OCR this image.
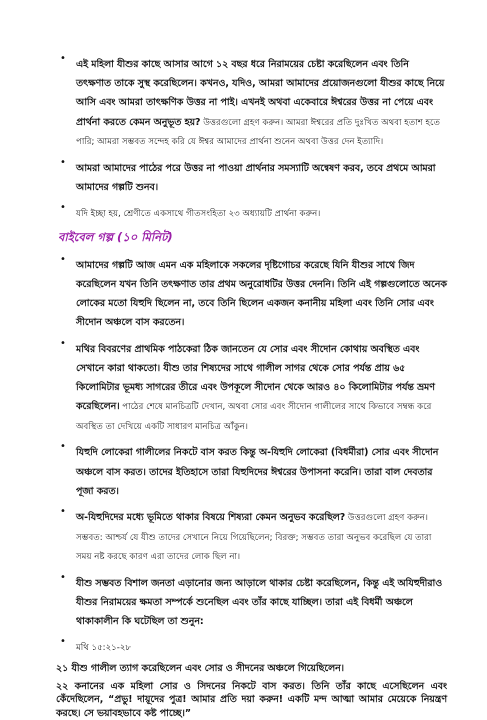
•
এই মহিলা যীশুর কাছে আসার আগে ১২ বছর ধরে নিরাময়ের চেষ্টা করেছিলেন এবং তিনি তৎক্ষণাত তাকে সুস্থ করেছিলেন। কখনও, যদিও, আমরা আমাদের প্রয়োজনগুলো যীশুর কাছে নিয়ে আসি এবং আমরা তাৎক্ষণিক উত্তর না পাই। এখনই অথবা একেবারে ঈশ্বরের উত্তর না পেয়ে এবং প্রার্থনা করতে কেমন অনুভূত হয়? উত্তরগুলো গ্রহণ করুন। আমরা ঈশ্বরের প্রতি দুঃখিত অথবা হতাশ হতে পারি; আমরা সম্ভবত সন্দেহ করি যে ঈশ্বর আমাদের প্রার্থনা শুনেন অথবা উত্তর দেন ইত্যাদি।
•
আমরা আমাদের পাঠের পরে উত্তর না পাওয়া প্রার্থনার সমস্যাটি অন্বেষণ করব, তবে প্রথমে আমরা আমাদের গল্পটি শুনব।
•
যদি ইচ্ছা হয়, শ্রেণীতে একসাথে গীতসংহিতা ২৩ অধ্যায়টি প্রার্থনা করুন।
বাইবেল গল্প (১০ মিনিট)
•
আমাদের গল্পটি আজ এমন এক মহিলাকে সকলের দৃষ্টিগোচর করেছে যিনি যীশুর সাথে জিদ করেছিলেন যখন তিনি তৎক্ষণাত তার প্রথম অনুরোধটির উত্তর দেননি। তিনি এই গল্পগুলোতে অনেক লোকের মতো যিহুদি ছিলেন না, তবে তিনি ছিলেন একজন কনানীয় মহিলা এবং তিনি সোর এবং সীদোন অঞ্চলে বাস করতেন।
•
মথির বিবরণের প্রাথমিক পাঠকেরা ঠিক জানতেন যে সোর এবং সীদোন কোথায় অবস্থিত এবং সেখানে কারা থাকতো। যীশু তার শিষ্যদের সাথে গালীল সাগর থেকে সোর পর্যন্ত প্রায় ৬৫ কিলোমিটার ভূমধ্য সাগরের তীরে এবং উপকূলে সীদোন থেকে আরও ৪০ কিলোমিটার পর্যন্ত ভ্রমণ করেছিলেন। পাঠের শেষে মানচিত্রটি দেখান, অথবা সোর এবং সীদোন গালীলের সাথে কিভাবে সম্বন্ধ করে অবস্থিত তা দেখিয়ে একটি সাধারণ মানচিত্র আঁকুন।
•
যিহুদি লোকেরা গালীলের নিকটে বাস করত কিন্তু অ-যিহুদি লোকেরা (বিধর্মীরা) সোর এবং সীদোন অঞ্চলে বাস করত। তাদের ইতিহাসে তারা যিহুদিদের ঈশ্বরের উপাসনা করেনি। তারা বাল দেবতার পূজা করত।
•
অ-যিহুদিদের মধ্যে ভূমিতে থাকার বিষয়ে শিষ্যরা কেমন অনুভব করেছিল? উত্তরগুলো গ্রহণ করুন। সম্ভবত: আশ্চর্য যে যীশু তাদের সেখানে নিয়ে গিয়েছিলেন; বিরক্ত; সম্ভবত তারা অনুভব করেছিল যে তারা সময় নষ্ট করছে কারণ এরা তাদের লোক ছিল না।
•
যীশু সম্ভবত বিশাল জনতা এড়ানোর জন্য আড়ালে থাকার চেষ্টা করেছিলেন, কিন্তু এই অযিহুদীরাও যীশুর নিরাময়ের ক্ষমতা সম্পর্কে শুনেছিল এবং তাঁর কাছে যাচ্ছিল। তারা এই বিধর্মী অঞ্চলে থাকাকালীন কি ঘটেছিল তা শুনুন:
•
মথি ১৫:২১-২৮

২১ যীশু গালীল ত্যাগ করেছিলেন এবং সোর ও সীদনের অঞ্চলে গিয়েছিলেন।

২২ কনানের এক মহিলা সোর ও সিদনের নিকটে বাস করত। তিনি তাঁর কাছে এসেছিলেন এবং কেঁদেছিলেন, “প্রভু! দায়ূদের পুত্র! আমার প্রতি দয়া করুন! একটি মন্দ আত্মা আমার মেয়েকে নিয়ন্ত্রণ করছে। সে ভয়াবহভাবে কষ্ট পাচ্ছে।”
